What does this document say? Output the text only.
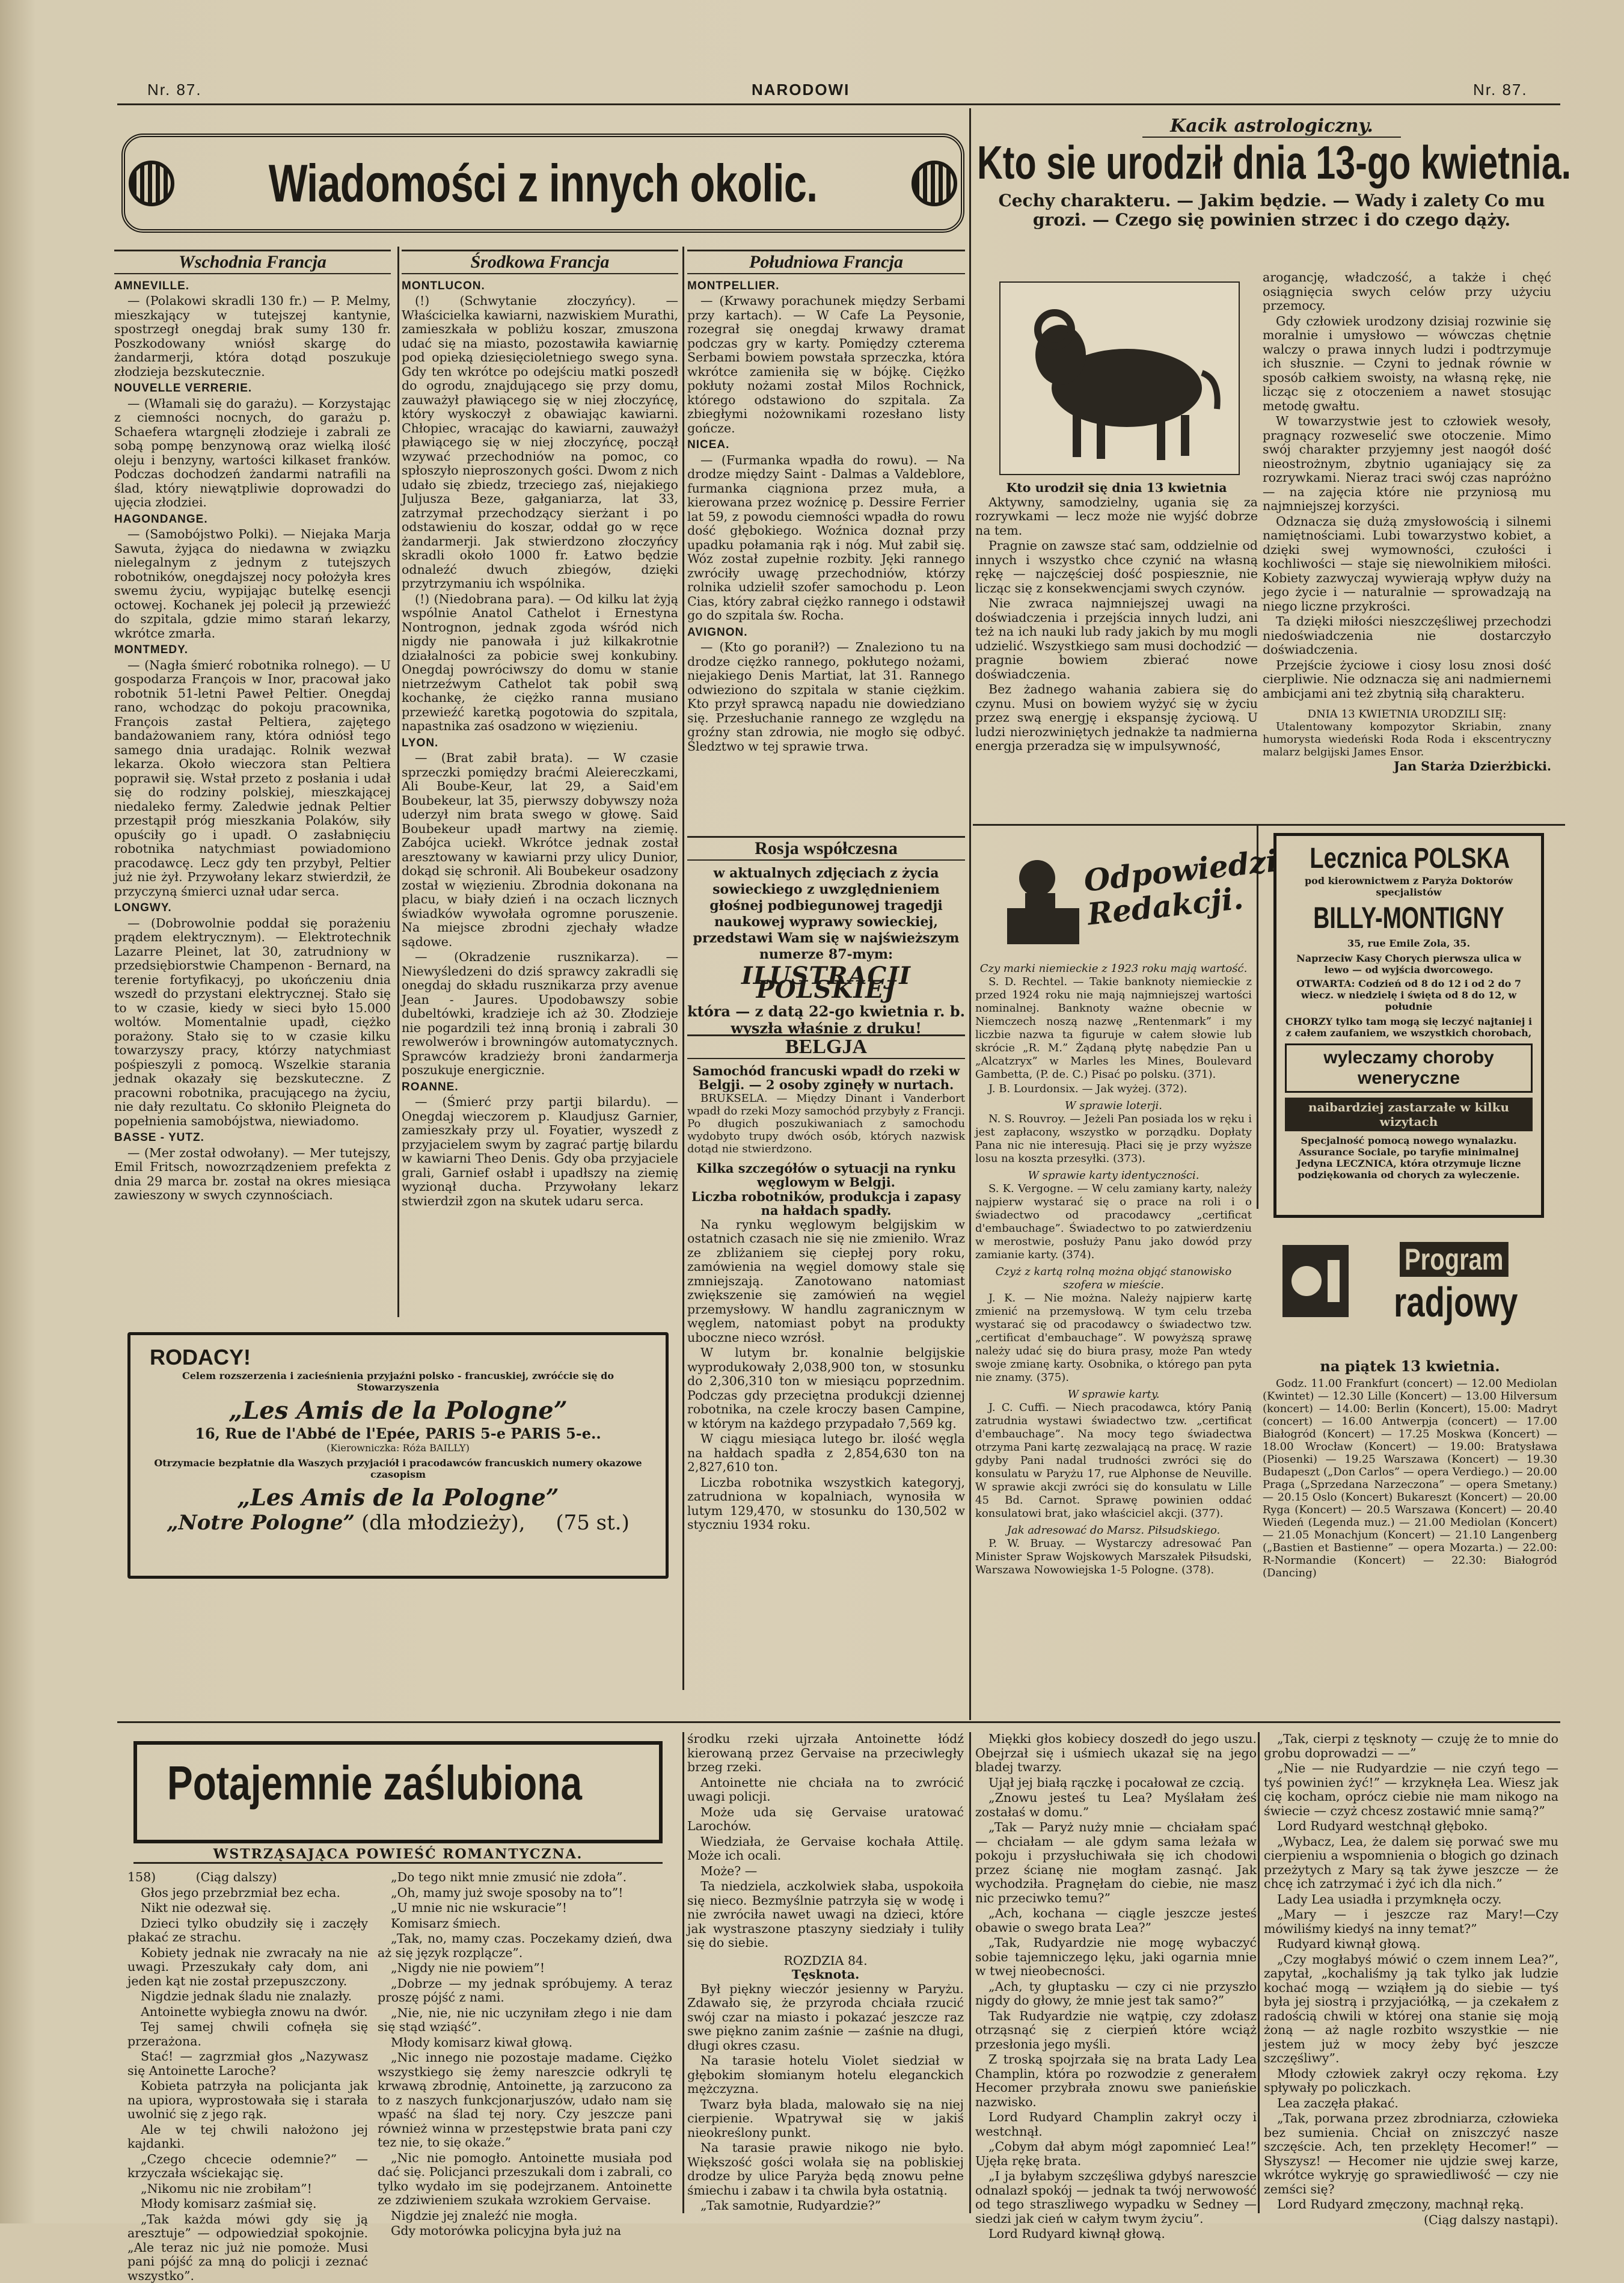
Nr. 87.	NARODOWI	Nr. 87.
Wiadomości z innych okolic.
Wschodnia Francja

AMNEVILLE.

— (Polakowi skradli 130 fr.) — P. Melmy, mieszkający w tutejszej kantynie, spostrzegł onegdaj brak sumy 130 fr. Poszkodowany wniósł skargę do żandarmerji, która dotąd poszukuje złodzieja bezskutecznie.

NOUVELLE VERRERIE.

— (Włamali się do garażu). — Korzystając z ciemności nocnych, do garażu p. Schaefera wtargnęli złodzieje i zabrali ze sobą pompę benzynową oraz wielką ilość oleju i benzyny, wartości kilkaset franków. Podczas dochodzeń żandarmi natrafili na ślad, który niewątpliwie doprowadzi do ujęcia złodziei.

HAGONDANGE.

— (Samobójstwo Polki). — Niejaka Marja Sawuta, żyjąca do niedawna w związku nielegalnym z jednym z tutejszych robotników, onegdajszej nocy położyła kres swemu życiu, wypijając butelkę esencji octowej. Kochanek jej polecił ją przewieźć do szpitala, gdzie mimo starań lekarzy, wkrótce zmarła.

MONTMEDY.

— (Nagła śmierć robotnika rolnego). — U gospodarza François w Inor, pracował jako robotnik 51-letni Paweł Peltier. Onegdaj rano, wchodząc do pokoju pracownika, François zastał Peltiera, zajętego bandażowaniem rany, która odniósł tego samego dnia uradając. Rolnik wezwał lekarza. Około wieczora stan Peltiera poprawił się. Wstał przeto z posłania i udał się do rodziny polskiej, mieszkającej niedaleko fermy. Zaledwie jednak Peltier przestąpił próg mieszkania Polaków, siły opuściły go i upadł. O zasłabnięciu robotnika natychmiast powiadomiono pracodawcę. Lecz gdy ten przybył, Peltier już nie żył. Przywołany lekarz stwierdził, że przyczyną śmierci uznał udar serca.

LONGWY.

— (Dobrowolnie poddał się porażeniu prądem elektrycznym). — Elektrotechnik Lazarre Pleinet, lat 30, zatrudniony w przedsiębiorstwie Champenon - Bernard, na terenie fortyfikacyj, po ukończeniu dnia wszedł do przystani elektrycznej. Stało się to w czasie, kiedy w sieci było 15.000 woltów. Momentalnie upadł, ciężko porażony. Stało się to w czasie kilku towarzyszy pracy, którzy natychmiast pośpieszyli z pomocą. Wszelkie starania jednak okazały się bezskuteczne. Z pracowni robotnika, pracującego na życiu, nie dały rezultatu. Co skłoniło Pleigneta do popełnienia samobójstwa, niewiadomo.

BASSE - YUTZ.

— (Mer został odwołany). — Mer tutejszy, Emil Fritsch, nowozrządzeniem prefekta z dnia 29 marca br. został na okres miesiąca zawieszony w swych czynnościach.

Środkowa Francja

MONTLUCON.

(!) (Schwytanie złoczyńcy). — Właścicielka kawiarni, nazwiskiem Murathi, zamieszkała w pobliżu koszar, zmuszona udać się na miasto, pozostawiła kawiarnię pod opieką dziesięcioletniego swego syna. Gdy ten wkrótce po odejściu matki poszedł do ogrodu, znajdującego się przy domu, zauważył pławiącego się w niej złoczyńcę, który wyskoczył z obawiając kawiarni. Chłopiec, wracając do kawiarni, zauważył pławiącego się w niej złoczyńcę, począł wzywać przechodniów na pomoc, co spłoszyło nieproszonych gości. Dwom z nich udało się zbiedz, trzeciego zaś, niejakiego Juljusza Beze, gałganiarza, lat 33, zatrzymał przechodzący sierżant i po odstawieniu do koszar, oddał go w ręce żandarmerji. Jak stwierdzono złoczyńcy skradli około 1000 fr. Łatwo będzie odnaleźć dwuch zbiegów, dzięki przytrzymaniu ich wspólnika.

(!) (Niedobrana para). — Od kilku lat żyją wspólnie Anatol Cathelot i Ernestyna Nontrognon, jednak zgoda wśród nich nigdy nie panowała i już kilkakrotnie działalności za pobicie swej konkubiny. Onegdaj powróciwszy do domu w stanie nietrzeźwym Cathelot tak pobił swą kochankę, że ciężko ranna musiano przewieźć karetką pogotowia do szpitala, napastnika zaś osadzono w więzieniu.

LYON.

— (Brat zabił brata). — W czasie sprzeczki pomiędzy braćmi Aleiereczkami, Ali Boube-Keur, lat 29, a Said'em Boubekeur, lat 35, pierwszy dobywszy noża uderzył nim brata swego w głowę. Said Boubekeur upadł martwy na ziemię. Zabójca uciekł. Wkrótce jednak został aresztowany w kawiarni przy ulicy Dunior, dokąd się schronił. Ali Boubekeur osadzony został w więzieniu. Zbrodnia dokonana na placu, w biały dzień i na oczach licznych świadków wywołała ogromne poruszenie. Na miejsce zbrodni zjechały władze sądowe.

— (Okradzenie rusznikarza). — Niewyśledzeni do dziś sprawcy zakradli się onegdaj do składu rusznikarza przy avenue Jean - Jaures. Upodobawszy sobie dubeltówki, kradzieje ich aż 30. Złodzieje nie pogardzili też inną bronią i zabrali 30 rewolwerów i browningów automatycznych. Sprawców kradzieży broni żandarmerja poszukuje energicznie.

ROANNE.

— (Śmierć przy partji bilardu). — Onegdaj wieczorem p. Klaudjusz Garnier, zamieszkały przy ul. Foyatier, wyszedł z przyjacielem swym by zagrać partję bilardu w kawiarni Theo Denis. Gdy oba przyjaciele grali, Garnief osłabł i upadłszy na ziemię wyzionął ducha. Przywołany lekarz stwierdził zgon na skutek udaru serca.

Południowa Francja

MONTPELLIER.

— (Krwawy porachunek między Serbami przy kartach). — W Cafe La Peysonie, rozegrał się onegdaj krwawy dramat podczas gry w karty. Pomiędzy czterema Serbami bowiem powstała sprzeczka, która wkrótce zamieniła się w bójkę. Ciężko pokłuty nożami został Milos Rochnick, którego odstawiono do szpitala. Za zbiegłymi nożownikami rozesłano listy gończe.

NICEA.

— (Furmanka wpadła do rowu). — Na drodze między Saint - Dalmas a Valdeblore, furmanka ciągniona przez muła, a kierowana przez woźnicę p. Dessire Ferrier lat 59, z powodu ciemności wpadła do rowu dość głębokiego. Woźnica doznał przy upadku połamania rąk i nóg. Muł zabił się. Wóz został zupełnie rozbity. Jęki rannego zwróciły uwagę przechodniów, którzy rolnika udzielił szofer samochodu p. Leon Cias, który zabrał ciężko rannego i odstawił go do szpitala św. Rocha.

AVIGNON.

— (Kto go poranił?) — Znaleziono tu na drodze ciężko rannego, pokłutego nożami, niejakiego Denis Martiat, lat 31. Rannego odwieziono do szpitala w stanie ciężkim. Kto przył sprawcą napadu nie dowiedziano się. Przesłuchanie rannego ze względu na groźny stan zdrowia, nie mogło się odbyć. Śledztwo w tej sprawie trwa.

Rosja współczesna
w aktualnych zdjęciach z życia sowieckiego z uwzględnieniem głośnej podbiegunowej tragedji naukowej wyprawy sowieckiej, przedstawi Wam się w najświeższym numerze 87-mym:
ILUSTRACJI POLSKIEJ
która — z datą 22-go kwietnia r. b. wyszła właśnie z druku!
BELGJA
Samochód francuski wpadł do rzeki w Belgji. — 2 osoby zginęły w nurtach.

BRUKSELA. — Między Dinant i Vanderbort wpadł do rzeki Mozy samochód przybyły z Francji. Po długich poszukiwaniach z samochodu wydobyto trupy dwóch osób, których nazwisk dotąd nie stwierdzono.

Kilka szczegółów o sytuacji na rynku węglowym w Belgji.
Liczba robotników, produkcja i zapasy na hałdach spadły.

Na rynku węglowym belgijskim w ostatnich czasach nie się nie zmieniło. Wraz ze zbliżaniem się ciepłej pory roku, zamówienia na węgiel domowy stale się zmniejszają. Zanotowano natomiast zwiększenie się zamówień na węgiel przemysłowy. W handlu zagranicznym w węglem, natomiast pobyt na produkty uboczne nieco wzrósł.

W lutym br. konalnie belgijskie wyprodukowały 2,038,900 ton, w stosunku do 2,306,310 ton w miesiącu poprzednim. Podczas gdy przeciętna produkcji dziennej robotnika, na czele kroczy basen Campine, w którym na każdego przypadało 7,569 kg.

W ciągu miesiąca lutego br. ilość węgla na hałdach spadła z 2,854,630 ton na 2,827,610 ton.

Liczba robotnika wszystkich kategoryj, zatrudniona w kopalniach, wynosiła w lutym 129,470, w stosunku do 130,502 w styczniu 1934 roku.

Kacik astrologiczny.
Kto sie urodził dnia 13-go kwietnia.
Cechy charakteru. — Jakim będzie. — Wady i zalety Co mu grozi. — Czego się powinien strzec i do czego dąży.
Kto urodził się dnia 13 kwietnia

Aktywny, samodzielny, ugania się za rozrywkami — lecz może nie wyjść dobrze na tem.

Pragnie on zawsze stać sam, oddzielnie od innych i wszystko chce czynić na własną rękę — najczęściej dość pospiesznie, nie licząc się z konsekwencjami swych czynów.

Nie zwraca najmniejszej uwagi na doświadczenia i przejścia innych ludzi, ani też na ich nauki lub rady jakich by mu mogli udzielić. Wszystkiego sam musi dochodzić — pragnie bowiem zbierać nowe doświadczenia.

Bez żadnego wahania zabiera się do czynu. Musi on bowiem wyżyć się w życiu przez swą energję i ekspansję życiową. U ludzi nierozwiniętych jednakże ta nadmierna energja przeradza się w impulsywność,

arogancję, władczość, a także i chęć osiągnięcia swych celów przy użyciu przemocy.

Gdy człowiek urodzony dzisiaj rozwinie się moralnie i umysłowo — wówczas chętnie walczy o prawa innych ludzi i podtrzymuje ich słusznie. — Czyni to jednak równie w sposób całkiem swoisty, na własną rękę, nie licząc się z otoczeniem a nawet stosując metodę gwałtu.

W towarzystwie jest to człowiek wesoły, pragnący rozweselić swe otoczenie. Mimo swój charakter przyjemny jest naogół dość nieostrożnym, zbytnio uganiający się za rozrywkami. Nieraz traci swój czas napróżno — na zajęcia które nie przyniosą mu najmniejszej korzyści.

Odznacza się dużą zmysłowością i silnemi namiętnościami. Lubi towarzystwo kobiet, a dzięki swej wymowności, czułości i kochliwości — staje się niewolnikiem miłości. Kobiety zazwyczaj wywierają wpływ duży na jego życie i — naturalnie — sprowadzają na niego liczne przykrości.

Ta dzięki miłości nieszczęśliwej przechodzi niedoświadczenia nie dostarczyło doświadczenia.

Przejście życiowe i ciosy losu znosi dość cierpliwie. Nie odznacza się ani nadmiernemi ambicjami ani też zbytnią siłą charakteru.

DNIA 13 KWIETNIA URODZILI SIĘ:

Utalentowany kompozytor Skriabin, znany humorysta wiedeński Roda Roda i ekscentryczny malarz belgijski James Ensor.

Jan Starża Dzierżbicki.
Odpowiedzi Redakcji.
Czy marki niemieckie z 1923 roku mają wartość.

S. D. Rechtel. — Takie banknoty niemieckie z przed 1924 roku nie mają najmniejszej wartości nominalnej. Banknoty ważne obecnie w Niemczech noszą nazwę „Rentenmark” i my liczbie nazwa ta figuruje w całem słowie lub skrócie „R. M.” Żądaną płytę nabędzie Pan u „Alcatzryx” w Marles les Mines, Boulevard Gambetta, (P. de. C.) Pisać po polsku. (371).

J. B. Lourdonsix. — Jak wyżej. (372).

W sprawie loterji.

N. S. Rouvroy. — Jeżeli Pan posiada los w ręku i jest zapłacony, wszystko w porządku. Dopłaty Pana nic nie interesują. Płaci się je przy wyższe losu na koszta przesyłki. (373).

W sprawie karty identyczności.

S. K. Vergogne. — W celu zamiany karty, należy najpierw wystarać się o prace na roli i o świadectwo od pracodawcy „certificat d'embauchage”. Świadectwo to po zatwierdzeniu w merostwie, posłuży Panu jako dowód przy zamianie karty. (374).

Czyż z kartą rolną można objąć stanowisko szofera w mieście.

J. K. — Nie można. Należy najpierw kartę zmienić na przemysłową. W tym celu trzeba wystarać się od pracodawcy o świadectwo tzw. „certificat d'embauchage”. W powyższą sprawę należy udać się do biura prasy, może Pan wtedy swoje zmianę karty. Osobnika, o którego pan pyta nie znamy. (375).

W sprawie karty.

J. C. Cuffi. — Niech pracodawca, który Panią zatrudnia wystawi świadectwo tzw. „certificat d'embauchage”. Na mocy tego świadectwa otrzyma Pani kartę zezwalającą na pracę. W razie gdyby Pani nadal trudności zwróci się do konsulatu w Paryżu 17, rue Alphonse de Neuville. W sprawie akcji zwróci się do konsulatu w Lille 45 Bd. Carnot. Sprawę powinien oddać konsulatowi brat, jako właściciel akcji. (377).

Jak adresować do Marsz. Piłsudskiego.

P. W. Bruay. — Wystarczy adresować Pan Minister Spraw Wojskowych Marszałek Piłsudski, Warszawa Nowowiejska 1-5 Pologne. (378).

Lecznica POLSKA
pod kierownictwem z Paryża Doktorów specjalistów
BILLY-MONTIGNY
35, rue Emile Zola, 35.
Naprzeciw Kasy Chorych pierwsza ulica w lewo — od wyjścia dworcowego.
OTWARTA: Codzień od 8 do 12 i od 2 do 7 wiecz. w niedzielę i święta od 8 do 12, w południe
CHORZY tylko tam mogą się leczyć najtaniej i z całem zaufaniem, we wszystkich chorobach,
wyleczamy choroby weneryczne
naibardziej zastarzałe w kilku wizytach
Specjalność pomocą nowego wynalazku. Assurance Sociale, po taryfie minimalnej Jedyna LECZNICA, która otrzymuje liczne podziękowania od chorych za wyleczenie.
Program
radjowy
na piątek 13 kwietnia.

Godz. 11.00 Frankfurt (concert) — 12.00 Mediolan (Kwintet) — 12.30 Lille (Koncert) — 13.00 Hilversum (koncert) — 14.00: Berlin (Koncert), 15.00: Madryt (concert) — 16.00 Antwerpja (concert) — 17.00 Białogród (Koncert) — 17.25 Moskwa (Koncert) — 18.00 Wrocław (Koncert) — 19.00: Bratysława (Piosenki) — 19.25 Warszawa (Koncert) — 19.30 Budapeszt („Don Carlos” — opera Verdiego.) — 20.00 Praga („Sprzedana Narzeczona” — opera Smetany.) — 20.15 Oslo (Koncert) Bukareszt (Koncert) — 20.00 Ryga (Koncert) — 20.5 Warszawa (Koncert) — 20.40 Wiedeń (Legenda muz.) — 21.00 Mediolan (Koncert) — 21.05 Monachjum (Koncert) — 21.10 Langenberg („Bastien et Bastienne” — opera Mozarta.) — 22.00: R-Normandie (Koncert) — 22.30: Białogród (Dancing)

RODACY!
Celem rozszerzenia i zacieśnienia przyjaźni polsko - francuskiej, zwróćcie się do Stowarzyszenia
„Les Amis de la Pologne”
16, Rue de l'Abbé de l'Epée, PARIS 5-e PARIS 5-e..
(Kierowniczka: Róża BAILLY)
Otrzymacie bezpłatnie dla Waszych przyjaciół i pracodawców francuskich numery okazowe czasopism
„Les Amis de la Pologne”
„Notre Pologne” (dla młodzieży), (75 st.)
Potajemnie zaślubiona
WSTRZĄSAJĄCA POWIEŚĆ ROMANTYCZNA.

158)	(Ciąg dalszy)

Głos jego przebrzmiał bez echa.

Nikt nie odezwał się.

Dzieci tylko obudziły się i zaczęły płakać ze strachu.

Kobiety jednak nie zwracały na nie uwagi. Przeszukały cały dom, ani jeden kąt nie został przepuszczony.

Nigdzie jednak śladu nie znalazły.

Antoinette wybiegła znowu na dwór.

Tej samej chwili cofnęła się przerażona.

Stać! — zagrzmiał głos „Nazywasz się Antoinette Laroche?

Kobieta patrzyła na policjanta jak na upiora, wyprostowała się i starała uwolnić się z jego rąk.

Ale w tej chwili nałożono jej kajdanki.

„Czego chcecie odemnie?” — krzyczała wściekając się.

„Nikomu nic nie zrobiłam”!

Młody komisarz zaśmiał się.

„Tak każda mówi gdy się ją aresztuje” — odpowiedział spokojnie. „Ale teraz nic już nie pomoże. Musi pani pójść za mną do policji i zeznać wszystko”.

„Do tego nikt mnie zmusić nie zdoła”.

„Oh, mamy już swoje sposoby na to”!

„U mnie nic nie wskuracie”!

Komisarz śmiech.

„Tak, no, mamy czas. Poczekamy dzień, dwa aż się język rozplącze”.

„Nigdy nie nie powiem”!

„Dobrze — my jednak spróbujemy. A teraz proszę pójść z nami.

„Nie, nie, nie nic uczyniłam złego i nie dam się stąd wziąść”.

Młody komisarz kiwał głową.

„Nic innego nie pozostaje madame. Ciężko wszystkiego się żemy nareszcie odkryli tę krwawą zbrodnię, Antoinette, ją zarzucono za to z naszych funkcjonarjuszów, udało nam się wpaść na ślad tej nory. Czy jeszcze pani również winna w przestępstwie brata pani czy tez nie, to się okaże.”

„Nic nie pomogło. Antoinette musiała pod dać się. Policjanci przeszukali dom i zabrali, co tylko wydało im się podejrzanem. Antoinette ze zdziwieniem szukała wzrokiem Gervaise.

Nigdzie jej znaleźć nie mogła.

Gdy motorówka policyjna była już na

środku rzeki ujrzała Antoinette łódź kierowaną przez Gervaise na przeciwległy brzeg rzeki.

Antoinette nie chciała na to zwrócić uwagi policji.

Może uda się Gervaise uratować Larochów.

Wiedziała, że Gervaise kochała Attilę. Może ich ocali.

Może? —

Ta niedziela, aczkolwiek słaba, uspokoiła się nieco. Bezmyślnie patrzyła się w wodę i nie zwróciła nawet uwagi na dzieci, które jak wystraszone ptaszyny siedziały i tuliły się do siebie.

ROZDZIA 84.
Tęsknota.

Był piękny wieczór jesienny w Paryżu. Zdawało się, że przyroda chciała rzucić swój czar na miasto i pokazać jeszcze raz swe piękno zanim zaśnie — zaśnie na długi, długi okres czasu.

Na tarasie hotelu Violet siedział w głębokim słomianym hotelu eleganckich mężczyzna.

Twarz była blada, malowało się na niej cierpienie. Wpatrywał się w jakiś nieokreślony punkt.

Na tarasie prawie nikogo nie było. Większość gości wolała się na pobliskiej drodze by ulice Paryża będą znowu pełne śmiechu i zabaw i ta chwila była ostatnią.

„Tak samotnie, Rudyardzie?”

Miękki głos kobiecy doszedł do jego uszu. Obejrzał się i uśmiech ukazał się na jego bladej twarzy.

Ujął jej białą rączkę i pocałował ze czcią.

„Znowu jesteś tu Lea? Myślałam żeś zostałaś w domu.”

„Tak — Paryż nuży mnie — chciałam spać — chciałam — ale gdym sama leżała w pokoju i przysłuchiwała się ich chodowi przez ścianę nie mogłam zasnąć. Jak wychodziła. Pragnęłam do ciebie, nie masz nic przeciwko temu?”

„Ach, kochana — ciągle jeszcze jesteś obawie o swego brata Lea?”

„Tak, Rudyardzie nie mogę wybaczyć sobie tajemniczego lęku, jaki ogarnia mnie w twej nieobecności.

„Ach, ty głuptasku — czy ci nie przyszło nigdy do głowy, że mnie jest tak samo?”

Tak Rudyardzie nie wątpię, czy zdołasz otrząsnąć się z cierpień które wciąż przesłonia jego myśli.

Z troską spojrzała się na brata Lady Lea Champlin, która po rozwodzie z generałem Hecomer przybrała znowu swe panieńskie nazwisko.

Lord Rudyard Champlin zakrył oczy i westchnął.

„Cobym dał abym mógł zapomnieć Lea!” Ujęła rękę brata.

„I ja byłabym szczęśliwa gdybyś nareszcie odnalazł spokój — jednak ta twój nerwowość od tego straszliwego wypadku w Sedney — siedzi jak cień w całym twym życiu”.

Lord Rudyard kiwnął głową.

„Tak, cierpi z tęsknoty — czuję że to mnie do grobu doprowadzi — —”

„Nie — nie Rudyardzie — nie czyń tego — tyś powinien żyć!” — krzyknęła Lea. Wiesz jak cię kocham, oprócz ciebie nie mam nikogo na świecie — czyż chcesz zostawić mnie samą?”

Lord Rudyard westchnął głęboko.

„Wybacz, Lea, że dalem się porwać swe mu cierpieniu a wspomnienia o błogich go dzinach przeżytych z Mary są tak żywe jeszcze — że chcę ich zatrzymać i żyć ich dla nich.”

Lady Lea usiadła i przymknęła oczy.

„Mary — i jeszcze raz Mary!—Czy mówiliśmy kiedyś na inny temat?”

Rudyard kiwnął głową.

„Czy mogłabyś mówić o czem innem Lea?”, zapytał, „kochaliśmy ją tak tylko jak ludzie kochać mogą — wziąłem ją do siebie — tyś była jej siostrą i przyjaciółką, — ja czekałem z radością chwili w której ona stanie się moją żoną — aż nagle rozbito wszystkie — nie jestem już w mocy żeby być jeszcze szczęśliwy”.

Młody człowiek zakrył oczy rękoma. Łzy spływały po policzkach.

Lea zaczęła płakać.

„Tak, porwana przez zbrodniarza, człowieka bez sumienia. Chciał on zniszczyć nasze szczęście. Ach, ten przeklęty Hecomer!” — Słyszysz! — Hecomer nie ujdzie swej karze, wkrótce wykryję go sprawiedliwość — czy nie zemści się?

Lord Rudyard zmęczony, machnął ręką.

(Ciąg dalszy nastąpi).
